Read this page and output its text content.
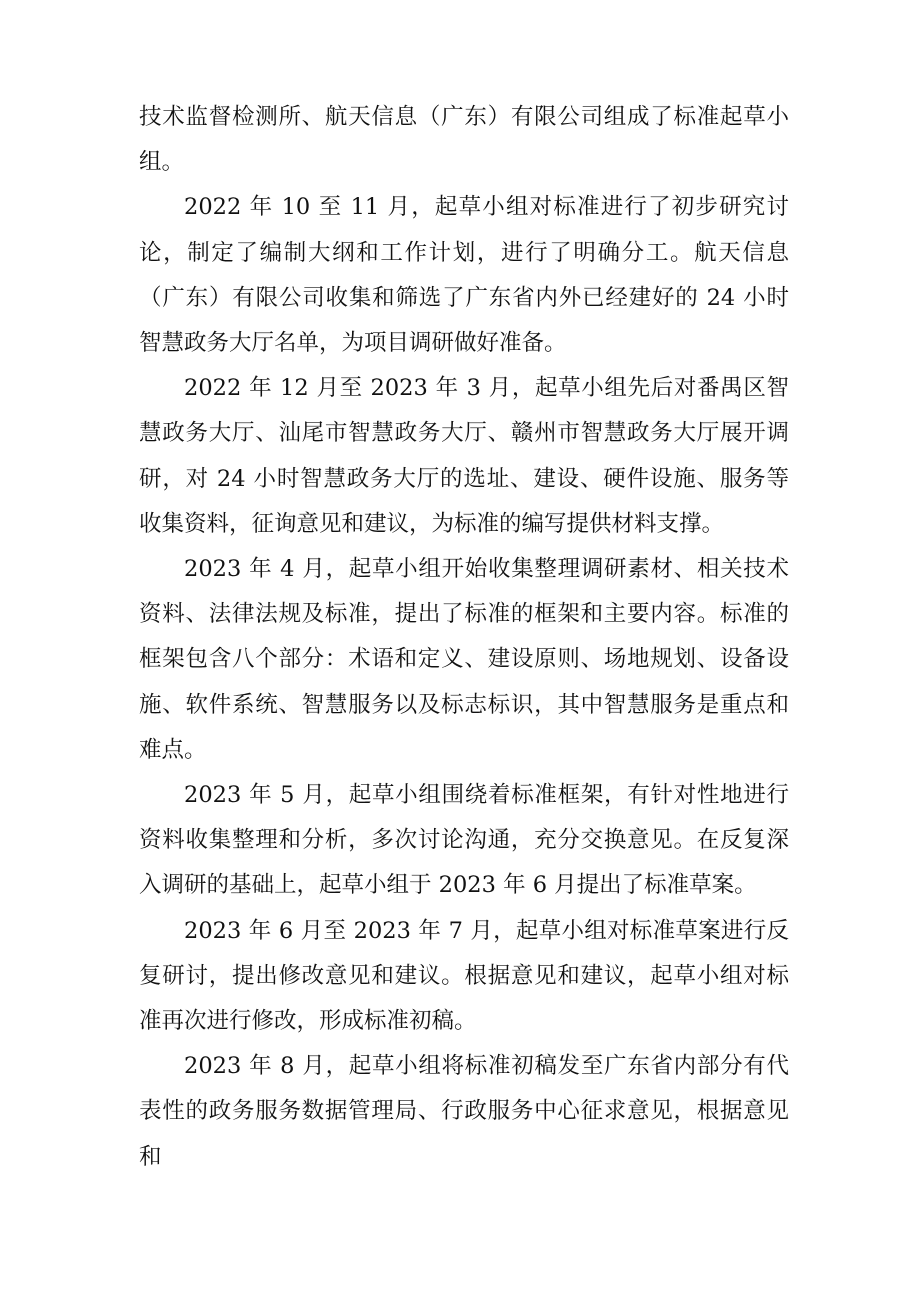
技术监督检测所、航天信息（广东）有限公司组成了标准起草小组。

2022 年 10 至 11 月，起草小组对标准进行了初步研究讨论，制定了编制大纲和工作计划，进行了明确分工。航天信息（广东）有限公司收集和筛选了广东省内外已经建好的 24 小时智慧政务大厅名单，为项目调研做好准备。

2022 年 12 月至 2023 年 3 月，起草小组先后对番禺区智慧政务大厅、汕尾市智慧政务大厅、赣州市智慧政务大厅展开调研，对 24 小时智慧政务大厅的选址、建设、硬件设施、服务等收集资料，征询意见和建议，为标准的编写提供材料支撑。

2023 年 4 月，起草小组开始收集整理调研素材、相关技术资料、法律法规及标准，提出了标准的框架和主要内容。标准的框架包含八个部分：术语和定义、建设原则、场地规划、设备设施、软件系统、智慧服务以及标志标识，其中智慧服务是重点和难点。

2023 年 5 月，起草小组围绕着标准框架，有针对性地进行资料收集整理和分析，多次讨论沟通，充分交换意见。在反复深入调研的基础上，起草小组于 2023 年 6 月提出了标准草案。

2023 年 6 月至 2023 年 7 月，起草小组对标准草案进行反复研讨，提出修改意见和建议。根据意见和建议，起草小组对标准再次进行修改，形成标准初稿。

2023 年 8 月，起草小组将标准初稿发至广东省内部分有代表性的政务服务数据管理局、行政服务中心征求意见，根据意见和
